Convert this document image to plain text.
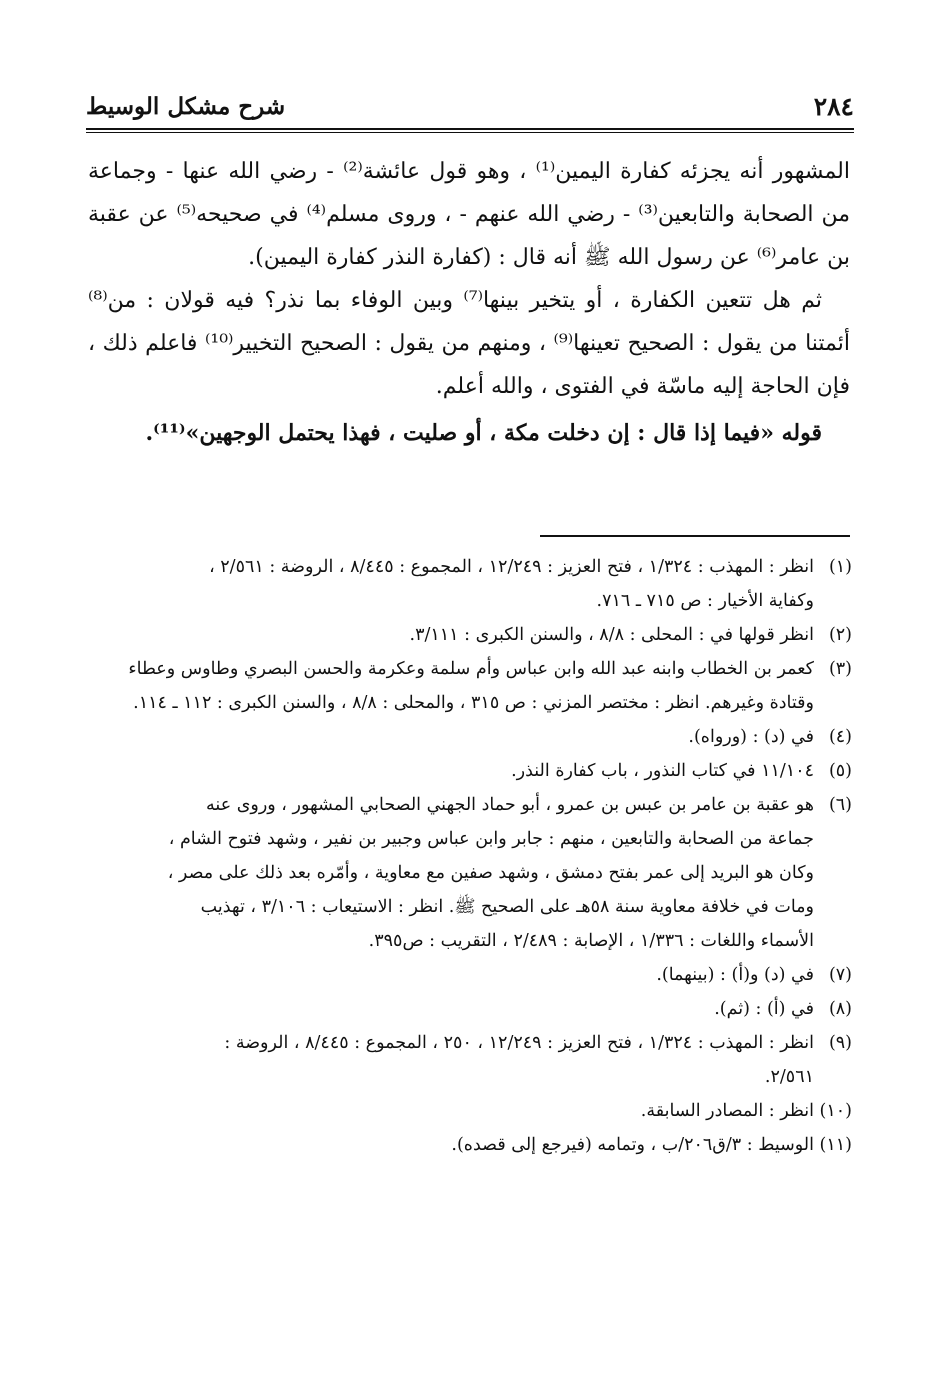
٢٨٤
شرح مشكل الوسيط

المشهور أنه يجزئه كفارة اليمين⁽¹⁾ ، وهو قول عائشة⁽²⁾ - رضي الله عنها - وجماعة من الصحابة والتابعين⁽³⁾ - رضي الله عنهم - ، وروى مسلم⁽⁴⁾ في صحيحه⁽⁵⁾ عن عقبة بن عامر⁽⁶⁾ عن رسول الله ﷺ أنه قال : (كفارة النذر كفارة اليمين).

ثم هل تتعين الكفارة ، أو يتخير بينها⁽⁷⁾ وبين الوفاء بما نذر؟ فيه قولان : من⁽⁸⁾ أئمتنا من يقول : الصحيح تعينها⁽⁹⁾ ، ومنهم من يقول : الصحيح التخيير⁽¹⁰⁾ فاعلم ذلك ، فإن الحاجة إليه ماسّة في الفتوى ، والله أعلم.

قوله «فيما إذا قال : إن دخلت مكة ، أو صليت ، فهذا يحتمل الوجهين»⁽¹¹⁾.

(١)
انظر : المهذب : ١/٣٢٤ ، فتح العزيز : ١٢/٢٤٩ ، المجموع : ٨/٤٤٥ ، الروضة : ٢/٥٦١ ،
وكفاية الأخيار : ص ٧١٥ ـ ٧١٦.
(٢)
انظر قولها في : المحلى : ٨/٨ ، والسنن الكبرى : ٣/١١١.
(٣)
كعمر بن الخطاب وابنه عبد الله وابن عباس وأم سلمة وعكرمة والحسن البصري وطاوس وعطاء
وقتادة وغيرهم. انظر : مختصر المزني : ص ٣١٥ ، والمحلى : ٨/٨ ، والسنن الكبرى : ١١٢ ـ ١١٤.
(٤)
في (د) : (ورواه).
(٥)
١١/١٠٤ في كتاب النذور ، باب كفارة النذر.
(٦)
هو عقبة بن عامر بن عبس بن عمرو ، أبو حماد الجهني الصحابي المشهور ، وروى عنه
جماعة من الصحابة والتابعين ، منهم : جابر وابن عباس وجبير بن نفير ، وشهد فتوح الشام ،
وكان هو البريد إلى عمر بفتح دمشق ، وشهد صفين مع معاوية ، وأمّره بعد ذلك على مصر ،
ومات في خلافة معاوية سنة ٥٨هـ على الصحيح ﷺ. انظر : الاستيعاب : ٣/١٠٦ ، تهذيب
الأسماء واللغات : ١/٣٣٦ ، الإصابة : ٢/٤٨٩ ، التقريب : ص٣٩٥.
(٧)
في (د) و(أ) : (بينهما).
(٨)
في (أ) : (ثم).
(٩)
انظر : المهذب : ١/٣٢٤ ، فتح العزيز : ١٢/٢٤٩ ، ٢٥٠ ، المجموع : ٨/٤٤٥ ، الروضة :
٢/٥٦١.
(١٠)
انظر : المصادر السابقة.
(١١)
الوسيط : ٣/ق٢٠٦/ب ، وتمامه (فيرجع إلى قصده).
